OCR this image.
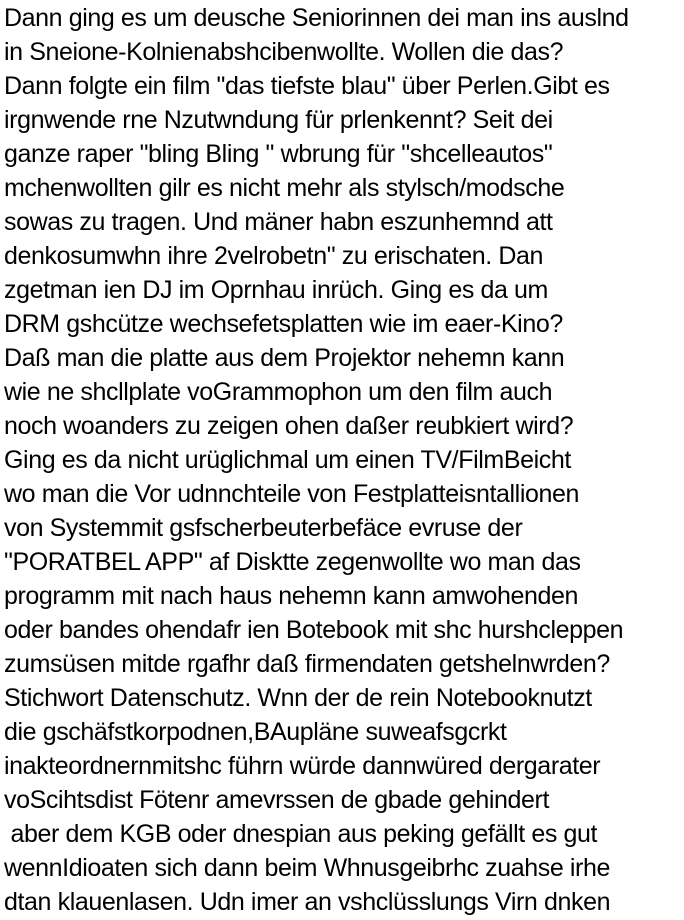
Dann ging es um deusche Seniorinnen dei man ins auslnd
in Sneione-Kolnienabshcibenwollte. Wollen die das?
Dann folgte ein film "das tiefste blau" über Perlen.Gibt es
irgnwende rne Nzutwndung für prlenkennt? Seit dei
ganze raper "bling Bling " wbrung für "shcelleautos"
mchenwollten gilr es nicht mehr als stylsch/modsche
sowas zu tragen. Und mäner habn eszunhemnd att
denkosumwhn ihre 2velrobetn" zu erischaten. Dan
zgetman ien DJ im Oprnhau inrüch. Ging es da um
DRM gshcütze wechsefetsplatten wie im eaer-Kino?
Daß man die platte aus dem Projektor nehemn kann
wie ne shcllplate voGrammophon um den film auch
noch woanders zu zeigen ohen daßer reubkiert wird?
Ging es da nicht urüglichmal um einen TV/FilmBeicht
wo man die Vor udnnchteile von Festplatteisntallionen
von Systemmit gsfscherbeuterbefäce evruse der
"PORATBEL APP" af Disktte zegenwollte wo man das
programm mit nach haus nehemn kann amwohenden
oder bandes ohendafr ien Botebook mit shc hurshcleppen
zumsüsen mitde rgafhr daß firmendaten getshelnwrden?
Stichwort Datenschutz. Wnn der de rein Notebooknutzt
die gschäfstkorpodnen,BAupläne suweafsgcrkt
inakteordnernmitshc führn würde dannwüred dergarater
voScihtsdist Fötenr amevrssen de gbade gehindert
aber dem KGB oder dnespian aus peking gefällt es gut
wennIdioaten sich dann beim Whnusgeibrhc zuahse irhe
dtan klauenlasen. Udn imer an vshclüsslungs Virn dnken
